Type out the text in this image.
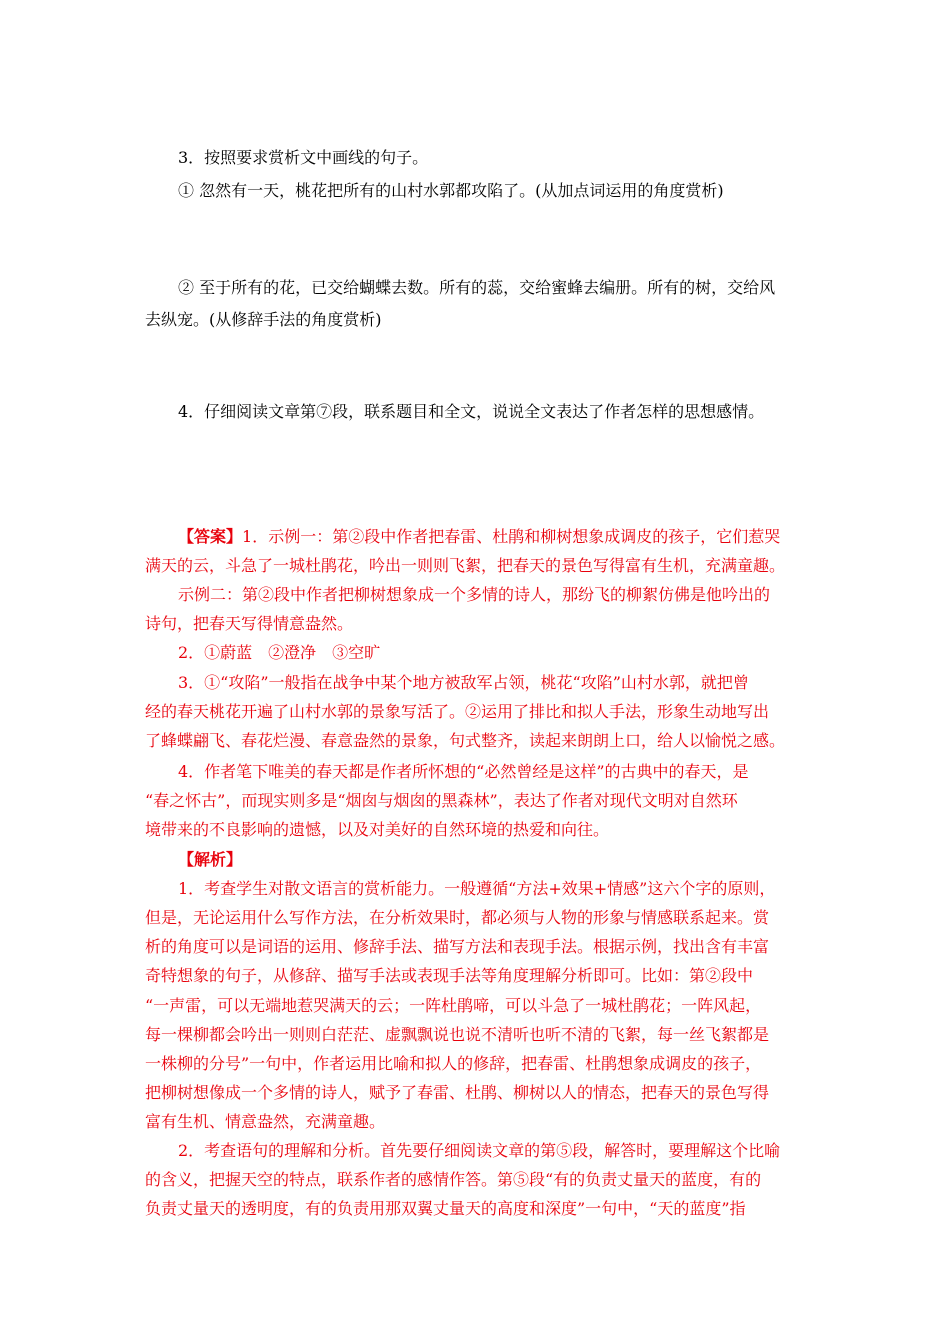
3．按照要求赏析文中画线的句子。
① 忽然有一天，桃花把所有的山村水郭都攻陷了。(从加点词运用的角度赏析)
② 至于所有的花，已交给蝴蝶去数。所有的蕊，交给蜜蜂去编册。所有的树，交给风
去纵宠。(从修辞手法的角度赏析)
4．仔细阅读文章第⑦段，联系题目和全文，说说全文表达了作者怎样的思想感情。
【答案】1．示例一：第②段中作者把春雷、杜鹃和柳树想象成调皮的孩子，它们惹哭
满天的云，斗急了一城杜鹃花，吟出一则则飞絮，把春天的景色写得富有生机，充满童趣。
示例二：第②段中作者把柳树想象成一个多情的诗人，那纷飞的柳絮仿佛是他吟出的
诗句，把春天写得情意盎然。
2．①蔚蓝　②澄净　③空旷
3．①“攻陷”一般指在战争中某个地方被敌军占领，桃花“攻陷”山村水郭，就把曾
经的春天桃花开遍了山村水郭的景象写活了。②运用了排比和拟人手法，形象生动地写出
了蜂蝶翩飞、春花烂漫、春意盎然的景象，句式整齐，读起来朗朗上口，给人以愉悦之感。
4．作者笔下唯美的春天都是作者所怀想的“必然曾经是这样”的古典中的春天，是
“春之怀古”，而现实则多是“烟囱与烟囱的黑森林”，表达了作者对现代文明对自然环
境带来的不良影响的遗憾，以及对美好的自然环境的热爱和向往。
【解析】
1．考查学生对散文语言的赏析能力。一般遵循“方法+效果+情感”这六个字的原则，
但是，无论运用什么写作方法，在分析效果时，都必须与人物的形象与情感联系起来。赏
析的角度可以是词语的运用、修辞手法、描写方法和表现手法。根据示例，找出含有丰富
奇特想象的句子，从修辞、描写手法或表现手法等角度理解分析即可。比如：第②段中
“一声雷，可以无端地惹哭满天的云；一阵杜鹃啼，可以斗急了一城杜鹃花；一阵风起，
每一棵柳都会吟出一则则白茫茫、虚飘飘说也说不清听也听不清的飞絮，每一丝飞絮都是
一株柳的分号”一句中，作者运用比喻和拟人的修辞，把春雷、杜鹃想象成调皮的孩子，
把柳树想像成一个多情的诗人，赋予了春雷、杜鹃、柳树以人的情态，把春天的景色写得
富有生机、情意盎然，充满童趣。
2．考查语句的理解和分析。首先要仔细阅读文章的第⑤段，解答时，要理解这个比喻
的含义，把握天空的特点，联系作者的感情作答。第⑤段“有的负责丈量天的蓝度，有的
负责丈量天的透明度，有的负责用那双翼丈量天的高度和深度”一句中，“天的蓝度”指
